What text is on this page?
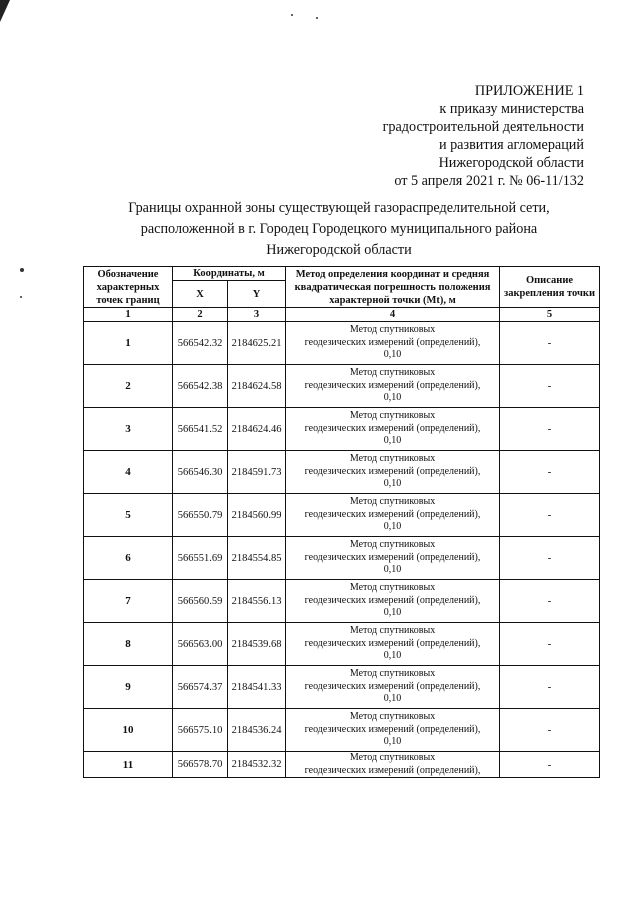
ПРИЛОЖЕНИЕ 1
к приказу министерства
градостроительной деятельности
и развития агломераций
Нижегородской области
от 5 апреля 2021 г. № 06-11/132
Границы охранной зоны существующей газораспределительной сети,
расположенной в г. Городец Городецкого муниципального района
Нижегородской области
Обозначение характерных точек границ	Координаты, м		Метод определения координат и средняя квадратическая погрешность положения характерной точки (Mt), м	Описание закрепления точки
	X	Y		
1	2	3	4	5
1	566542.32	2184625.21	Метод спутниковых
геодезических измерений (определений),
0,10	-
2	566542.38	2184624.58	Метод спутниковых
геодезических измерений (определений),
0,10	-
3	566541.52	2184624.46	Метод спутниковых
геодезических измерений (определений),
0,10	-
4	566546.30	2184591.73	Метод спутниковых
геодезических измерений (определений),
0,10	-
5	566550.79	2184560.99	Метод спутниковых
геодезических измерений (определений),
0,10	-
6	566551.69	2184554.85	Метод спутниковых
геодезических измерений (определений),
0,10	-
7	566560.59	2184556.13	Метод спутниковых
геодезических измерений (определений),
0,10	-
8	566563.00	2184539.68	Метод спутниковых
геодезических измерений (определений),
0,10	-
9	566574.37	2184541.33	Метод спутниковых
геодезических измерений (определений),
0,10	-
10	566575.10	2184536.24	Метод спутниковых
геодезических измерений (определений),
0,10	-
11	566578.70	2184532.32	Метод спутниковых
геодезических измерений (определений),	-
